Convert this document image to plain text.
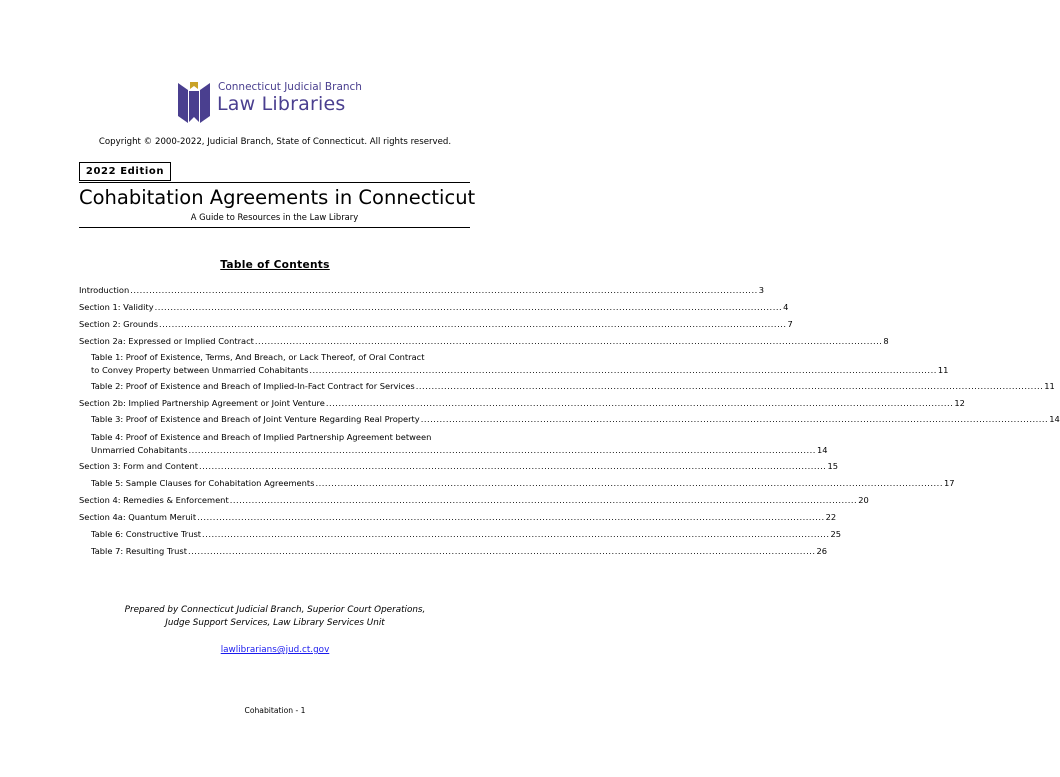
Connecticut Judicial Branch
Law Libraries
Copyright © 2000-2022, Judicial Branch, State of Connecticut. All rights reserved.
2022 Edition
Cohabitation Agreements in Connecticut
A Guide to Resources in the Law Library
Table of Contents
Introduction ........................................................................................................................................................................................................ 3
Section 1: Validity ........................................................................................................................................................................................................ 4
Section 2: Grounds ........................................................................................................................................................................................................ 7
Section 2a: Expressed or Implied Contract ........................................................................................................................................................................................................ 8
Table 1: Proof of Existence, Terms, And Breach, or Lack Thereof, of Oral Contract
to Convey Property between Unmarried Cohabitants ........................................................................................................................................................................................................ 11
Table 2: Proof of Existence and Breach of Implied-In-Fact Contract for Services ........................................................................................................................................................................................................ 11
Section 2b: Implied Partnership Agreement or Joint Venture ........................................................................................................................................................................................................ 12
Table 3: Proof of Existence and Breach of Joint Venture Regarding Real Property ........................................................................................................................................................................................................ 14
Table 4: Proof of Existence and Breach of Implied Partnership Agreement between
Unmarried Cohabitants ........................................................................................................................................................................................................ 14
Section 3: Form and Content ........................................................................................................................................................................................................ 15
Table 5: Sample Clauses for Cohabitation Agreements ........................................................................................................................................................................................................ 17
Section 4: Remedies & Enforcement ........................................................................................................................................................................................................ 20
Section 4a: Quantum Meruit ........................................................................................................................................................................................................ 22
Table 6: Constructive Trust ........................................................................................................................................................................................................ 25
Table 7: Resulting Trust ........................................................................................................................................................................................................ 26
Prepared by Connecticut Judicial Branch, Superior Court Operations,
Judge Support Services, Law Library Services Unit
lawlibrarians@jud.ct.gov
Cohabitation - 1
